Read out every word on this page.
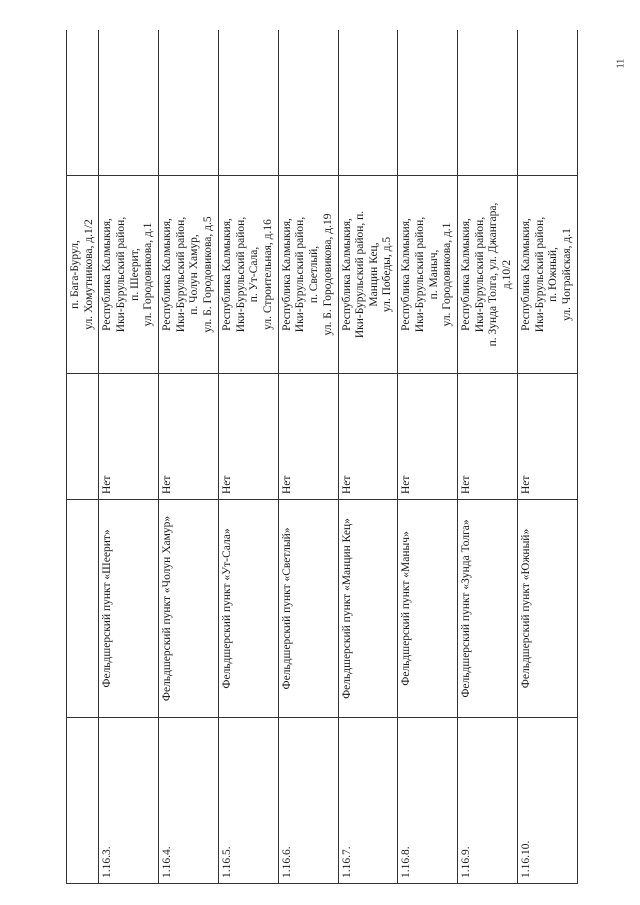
11

			п. Бага-Бурул, ул. Хомутникова, д.1/2	

1.16.3.	Фельдшерский пункт «Шеерит»	Нет	Республика Калмыкия, Ики-Бурульский район, п. Шеерит, ул. Городовикова, д.1	

1.16.4.	Фельдшерский пункт «Чолун Хамур»	Нет	Республика Калмыкия, Ики-Бурульский район, п. Чолун Хамур, ул. Б. Городовикова, д.5	

1.16.5.	Фельдшерский пункт «Ут-Сала»	Нет	Республика Калмыкия, Ики-Бурульский район, п. Ут-Сала, ул. Строительная, д.16	

1.16.6.	Фельдшерский пункт «Светлый»	Нет	Республика Калмыкия, Ики-Бурульский район, п. Светлый, ул. Б. Городовикова, д.19	

1.16.7.	Фельдшерский пункт «Манцин Кец»	Нет	Республика Калмыкия, Ики-Бурульский район, п. Манцин Кец, ул. Победы, д.5	

1.16.8.	Фельдшерский пункт «Маныч»	Нет	Республика Калмыкия, Ики-Бурульский район, п. Маныч, ул. Городовикова, д.1	

1.16.9.	Фельдшерский пункт «Зунда Толга»	Нет	Республика Калмыкия, Ики-Бурульский район, п. Зунда Толга, ул. Джангара, д.10/2	

1.16.10.	Фельдшерский пункт «Южный»	Нет	Республика Калмыкия, Ики-Бурульский район, п. Южный, ул. Чограйская, д.1	
